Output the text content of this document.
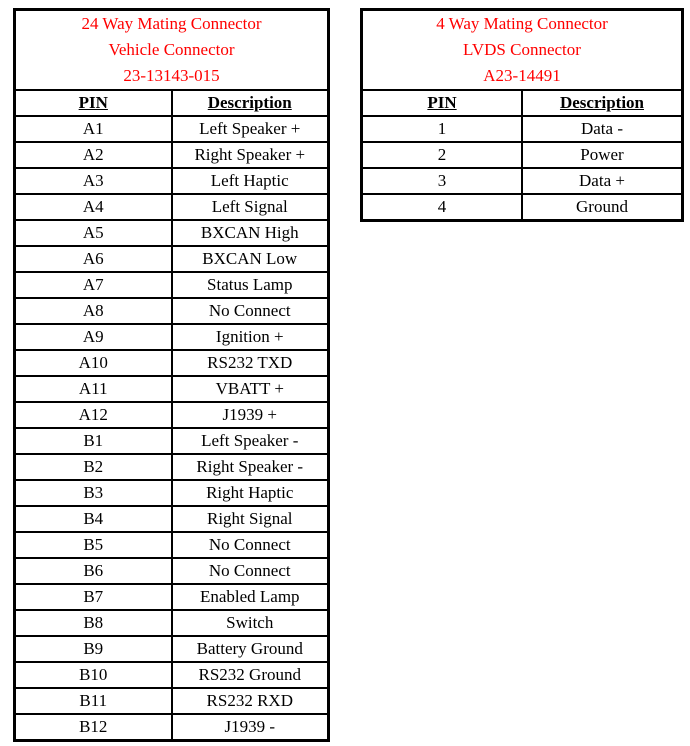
24 Way Mating Connector
Vehicle Connector
23-13143-015	

PIN	Description
A1	Left Speaker +
A2	Right Speaker +
A3	Left Haptic
A4	Left Signal
A5	BXCAN High
A6	BXCAN Low
A7	Status Lamp
A8	No Connect
A9	Ignition +
A10	RS232 TXD
A11	VBATT +
A12	J1939 +
B1	Left Speaker -
B2	Right Speaker -
B3	Right Haptic
B4	Right Signal
B5	No Connect
B6	No Connect
B7	Enabled Lamp
B8	Switch
B9	Battery Ground
B10	RS232 Ground
B11	RS232 RXD
B12	J1939 -
4 Way Mating Connector
LVDS Connector
A23-14491	

PIN	Description
1	Data -
2	Power
3	Data +
4	Ground
